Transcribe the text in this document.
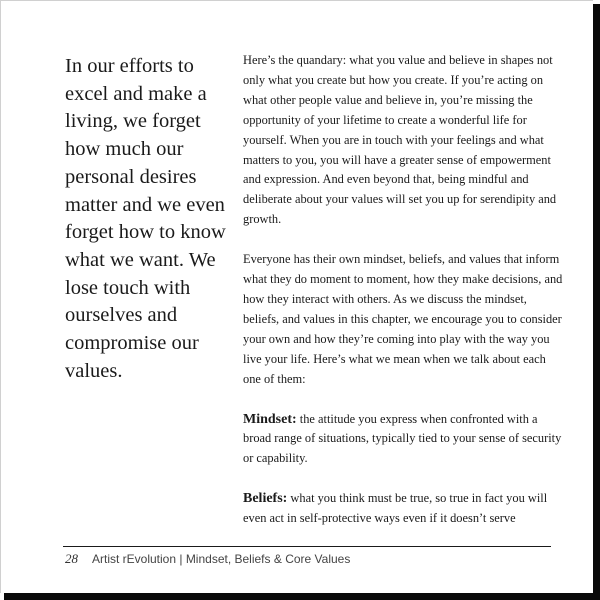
In our efforts to excel and make a living, we forget how much our personal desires matter and we even forget how to know what we want. We lose touch with ourselves and compromise our values.

Here’s the quandary: what you value and believe in shapes not only what you create but how you create. If you’re acting on what other people value and believe in, you’re missing the opportunity of your lifetime to create a wonderful life for yourself. When you are in touch with your feelings and what matters to you, you will have a greater sense of empowerment and expression. And even beyond that, being mindful and deliberate about your values will set you up for serendipity and growth.

Everyone has their own mindset, beliefs, and values that inform what they do moment to moment, how they make decisions, and how they interact with others. As we discuss the mindset, beliefs, and values in this chapter, we encourage you to consider your own and how they’re coming into play with the way you live your life. Here’s what we mean when we talk about each one of them:

Mindset: the attitude you express when confronted with a broad range of situations, typically tied to your sense of security or capability.

Beliefs: what you think must be true, so true in fact you will even act in self-protective ways even if it doesn’t serve

28 Artist rEvolution | Mindset, Beliefs & Core Values
